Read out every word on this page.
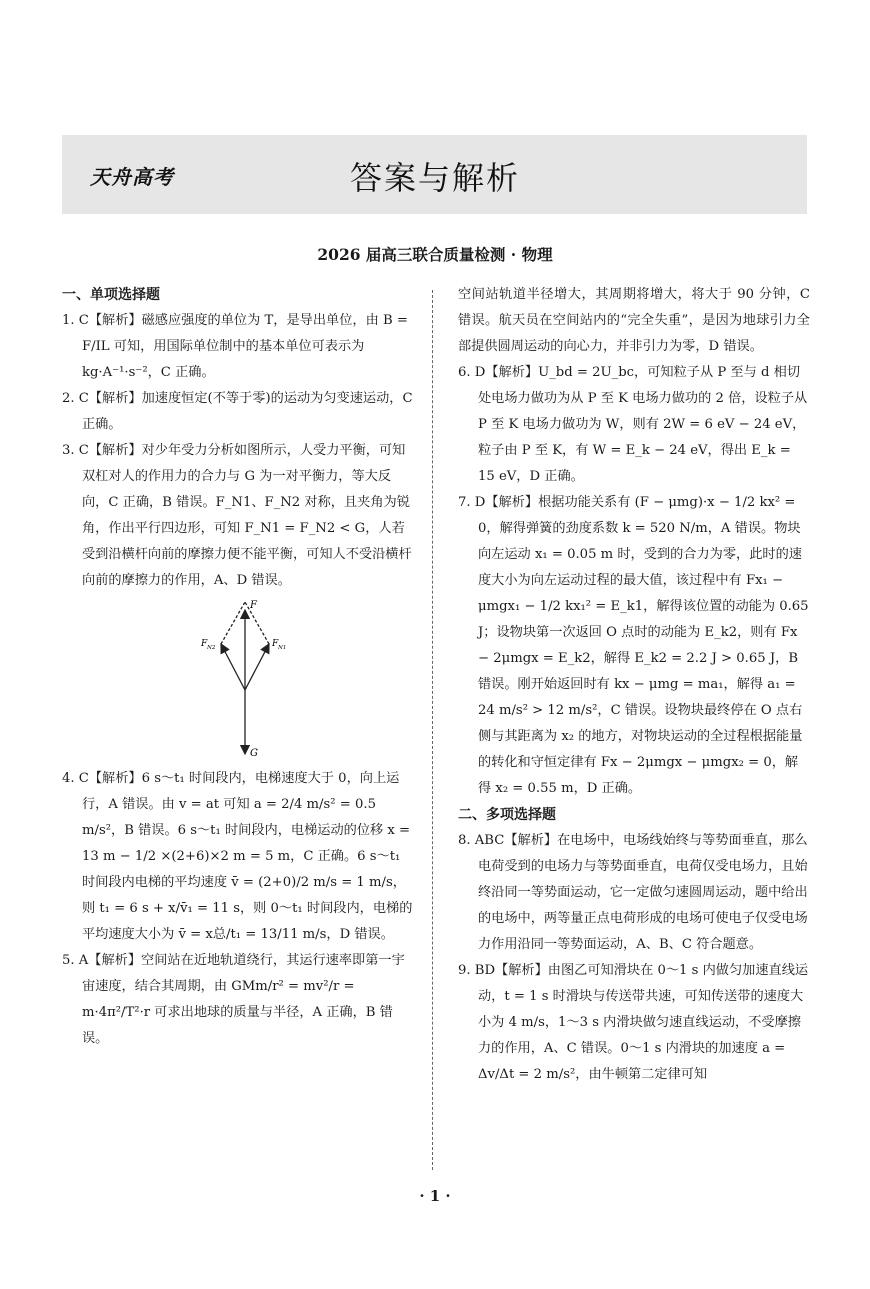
天舟高考	答案与解析
2026 届高三联合质量检测 · 物理

一、单项选择题

1. C【解析】磁感应强度的单位为 T，是导出单位，由 B = F/IL 可知，用国际单位制中的基本单位可表示为 kg·A⁻¹·s⁻²，C 正确。

2. C【解析】加速度恒定(不等于零)的运动为匀变速运动，C 正确。

3. C【解析】对少年受力分析如图所示，人受力平衡，可知双杠对人的作用力的合力与 G 为一对平衡力，等大反向，C 正确，B 错误。F_N1、F_N2 对称，且夹角为锐角，作出平行四边形，可知 F_N1 = F_N2 < G，人若受到沿横杆向前的摩擦力便不能平衡，可知人不受沿横杆向前的摩擦力的作用，A、D 错误。

F
F N2	F N1
G

4. C【解析】6 s～t₁ 时间段内，电梯速度大于 0，向上运行，A 错误。由 v = at 可知 a = 2/4 m/s² = 0.5 m/s²，B 错误。6 s～t₁ 时间段内，电梯运动的位移 x = 13 m − 1/2 ×(2+6)×2 m = 5 m，C 正确。6 s～t₁ 时间段内电梯的平均速度 v̄ = (2+0)/2 m/s = 1 m/s，则 t₁ = 6 s + x/v̄₁ = 11 s，则 0～t₁ 时间段内，电梯的平均速度大小为 v̄ = x总/t₁ = 13/11 m/s，D 错误。

5. A【解析】空间站在近地轨道绕行，其运行速率即第一宇宙速度，结合其周期，由 GMm/r² = mv²/r = m·4π²/T²·r 可求出地球的质量与半径，A 正确，B 错误。

空间站轨道半径增大，其周期将增大，将大于 90 分钟，C 错误。航天员在空间站内的“完全失重”，是因为地球引力全部提供圆周运动的向心力，并非引力为零，D 错误。

6. D【解析】U_bd = 2U_bc，可知粒子从 P 至与 d 相切处电场力做功为从 P 至 K 电场力做功的 2 倍，设粒子从 P 至 K 电场力做功为 W，则有 2W = 6 eV − 24 eV，粒子由 P 至 K，有 W = E_k − 24 eV，得出 E_k = 15 eV，D 正确。

7. D【解析】根据功能关系有 (F − μmg)·x − 1/2 kx² = 0，解得弹簧的劲度系数 k = 520 N/m，A 错误。物块向左运动 x₁ = 0.05 m 时，受到的合力为零，此时的速度大小为向左运动过程的最大值，该过程中有 Fx₁ − μmgx₁ − 1/2 kx₁² = E_k1，解得该位置的动能为 0.65 J；设物块第一次返回 O 点时的动能为 E_k2，则有 Fx − 2μmgx = E_k2，解得 E_k2 = 2.2 J > 0.65 J，B 错误。刚开始返回时有 kx − μmg = ma₁，解得 a₁ = 24 m/s² > 12 m/s²，C 错误。设物块最终停在 O 点右侧与其距离为 x₂ 的地方，对物块运动的全过程根据能量的转化和守恒定律有 Fx − 2μmgx − μmgx₂ = 0，解得 x₂ = 0.55 m，D 正确。

二、多项选择题

8. ABC【解析】在电场中，电场线始终与等势面垂直，那么电荷受到的电场力与等势面垂直，电荷仅受电场力，且始终沿同一等势面运动，它一定做匀速圆周运动，题中给出的电场中，两等量正点电荷形成的电场可使电子仅受电场力作用沿同一等势面运动，A、B、C 符合题意。

9. BD【解析】由图乙可知滑块在 0～1 s 内做匀加速直线运动，t = 1 s 时滑块与传送带共速，可知传送带的速度大小为 4 m/s，1～3 s 内滑块做匀速直线运动，不受摩擦力的作用，A、C 错误。0～1 s 内滑块的加速度 a = Δv/Δt = 2 m/s²，由牛顿第二定律可知

· 1 ·
